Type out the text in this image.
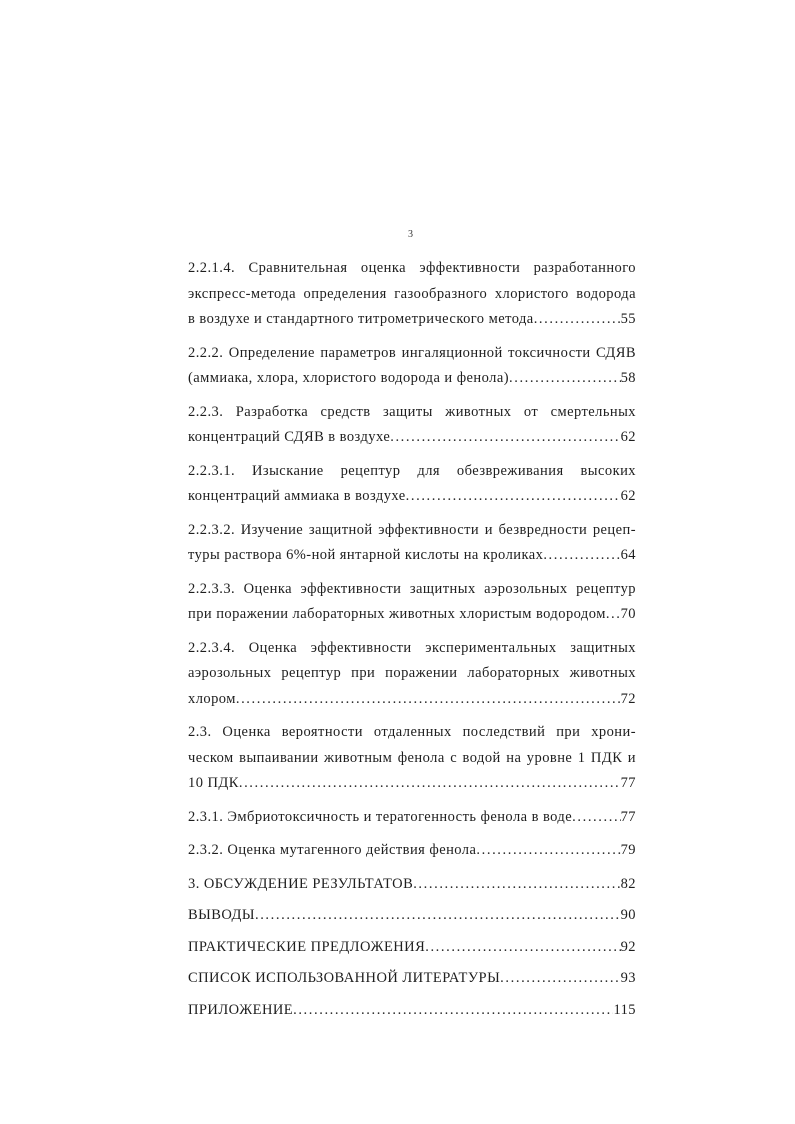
3
2.2.1.4. Сравнительная оценка эффективности разработанного
экспресс-метода определения газообразного хлористого водорода
в воздухе и стандартного титрометрического метода .....	55
2.2.2. Определение параметров ингаляционной токсичности СДЯВ
(аммиака, хлора, хлористого водорода и фенола) .....	58
2.2.3. Разработка средств защиты животных от смертельных
концентраций СДЯВ в воздухе .....	62
2.2.3.1. Изыскание рецептур для обезвреживания высоких
концентраций аммиака в воздухе .....	62
2.2.3.2. Изучение защитной эффективности и безвредности рецеп-
туры раствора 6%-ной янтарной кислоты на кроликах .....	64
2.2.3.3. Оценка эффективности защитных аэрозольных рецептур
при поражении лабораторных животных хлористым водородом ..... 70
2.2.3.4. Оценка эффективности экспериментальных защитных
аэрозольных рецептур при поражении лабораторных животных
хлором .....	72
2.3. Оценка вероятности отдаленных последствий при хрони-
ческом выпаивании животным фенола с водой на уровне 1 ПДК и
10 ПДК .....	77
2.3.1. Эмбриотоксичность и тератогенность фенола в воде .....	77
2.3.2. Оценка мутагенного действия фенола .....	79
3. ОБСУЖДЕНИЕ РЕЗУЛЬТАТОВ .....	82
ВЫВОДЫ .....	90
ПРАКТИЧЕСКИЕ ПРЕДЛОЖЕНИЯ .....	92
СПИСОК ИСПОЛЬЗОВАННОЙ ЛИТЕРАТУРЫ .....	93
ПРИЛОЖЕНИЕ .....	115
